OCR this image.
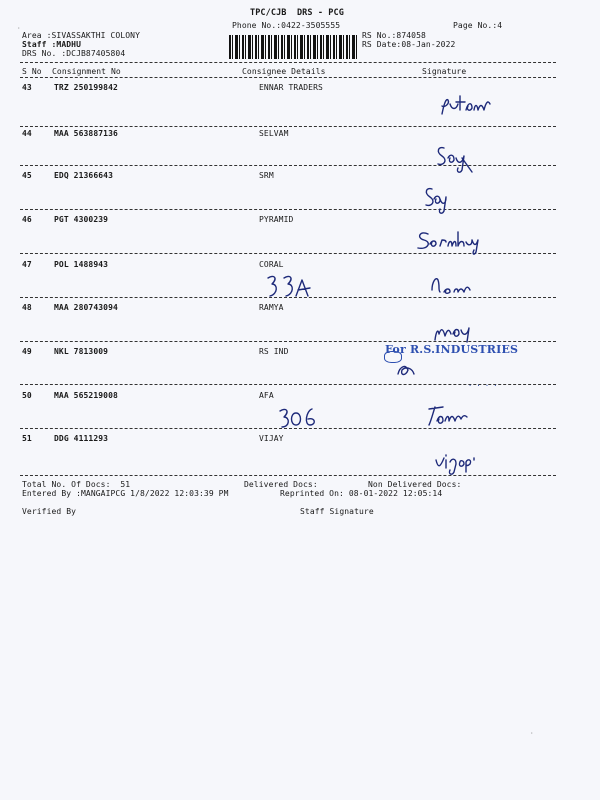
TPC/CJB  DRS - PCG
Phone No.:0422-3505555	Page No.:4
Area :SIVASSAKTHI COLONY
Staff :MADHU
DRS No. :DCJB87405804
RS No.:874058
RS Date:08-Jan-2022
S No Consignment No	Consignee Details	Signature
43	TRZ 250199842	ENNAR TRADERS
44	MAA 563887136	SELVAM
45	EDQ 21366643	SRM
46	PGT 4300239	PYRAMID
47	POL 1488943	CORAL
48	MAA 280743094	RAMYA
49	NKL 7813009	RS IND
50	MAA 565219008	AFA
51	DDG 4111293	VIJAY
Total No. Of Docs:  51	Delivered Docs:	Non Delivered Docs:
Entered By :MANGAIPCG 1/8/2022 12:03:39 PM	Reprinted On: 08-01-2022 12:05:14
Verified By	Staff Signature
For R.S.INDUSTRIES
· · · ·
·
·
